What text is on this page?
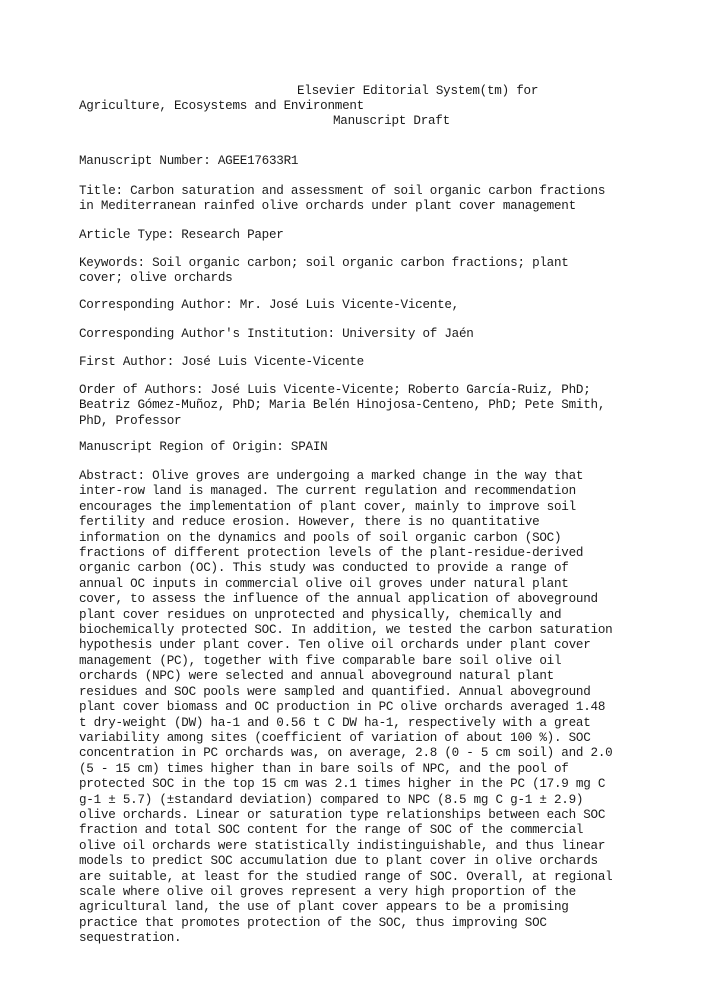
Elsevier Editorial System(tm) for
Agriculture, Ecosystems and Environment
Manuscript Draft
Manuscript Number: AGEE17633R1
Title: Carbon saturation and assessment of soil organic carbon fractions
in Mediterranean rainfed olive orchards under plant cover management
Article Type: Research Paper
Keywords: Soil organic carbon; soil organic carbon fractions; plant
cover; olive orchards
Corresponding Author: Mr. José Luis Vicente-Vicente,
Corresponding Author's Institution: University of Jaén
First Author: José Luis Vicente-Vicente
Order of Authors: José Luis Vicente-Vicente; Roberto García-Ruiz, PhD;
Beatriz Gómez-Muñoz, PhD; Maria Belén Hinojosa-Centeno, PhD; Pete Smith,
PhD, Professor
Manuscript Region of Origin: SPAIN
Abstract: Olive groves are undergoing a marked change in the way that
inter-row land is managed. The current regulation and recommendation
encourages the implementation of plant cover, mainly to improve soil
fertility and reduce erosion. However, there is no quantitative
information on the dynamics and pools of soil organic carbon (SOC)
fractions of different protection levels of the plant-residue-derived
organic carbon (OC). This study was conducted to provide a range of
annual OC inputs in commercial olive oil groves under natural plant
cover, to assess the influence of the annual application of aboveground
plant cover residues on unprotected and physically, chemically and
biochemically protected SOC. In addition, we tested the carbon saturation
hypothesis under plant cover. Ten olive oil orchards under plant cover
management (PC), together with five comparable bare soil olive oil
orchards (NPC) were selected and annual aboveground natural plant
residues and SOC pools were sampled and quantified. Annual aboveground
plant cover biomass and OC production in PC olive orchards averaged 1.48
t dry-weight (DW) ha-1 and 0.56 t C DW ha-1, respectively with a great
variability among sites (coefficient of variation of about 100 %). SOC
concentration in PC orchards was, on average, 2.8 (0 - 5 cm soil) and 2.0
(5 - 15 cm) times higher than in bare soils of NPC, and the pool of
protected SOC in the top 15 cm was 2.1 times higher in the PC (17.9 mg C
g-1 ± 5.7) (±standard deviation) compared to NPC (8.5 mg C g-1 ± 2.9)
olive orchards. Linear or saturation type relationships between each SOC
fraction and total SOC content for the range of SOC of the commercial
olive oil orchards were statistically indistinguishable, and thus linear
models to predict SOC accumulation due to plant cover in olive orchards
are suitable, at least for the studied range of SOC. Overall, at regional
scale where olive oil groves represent a very high proportion of the
agricultural land, the use of plant cover appears to be a promising
practice that promotes protection of the SOC, thus improving SOC
sequestration.
